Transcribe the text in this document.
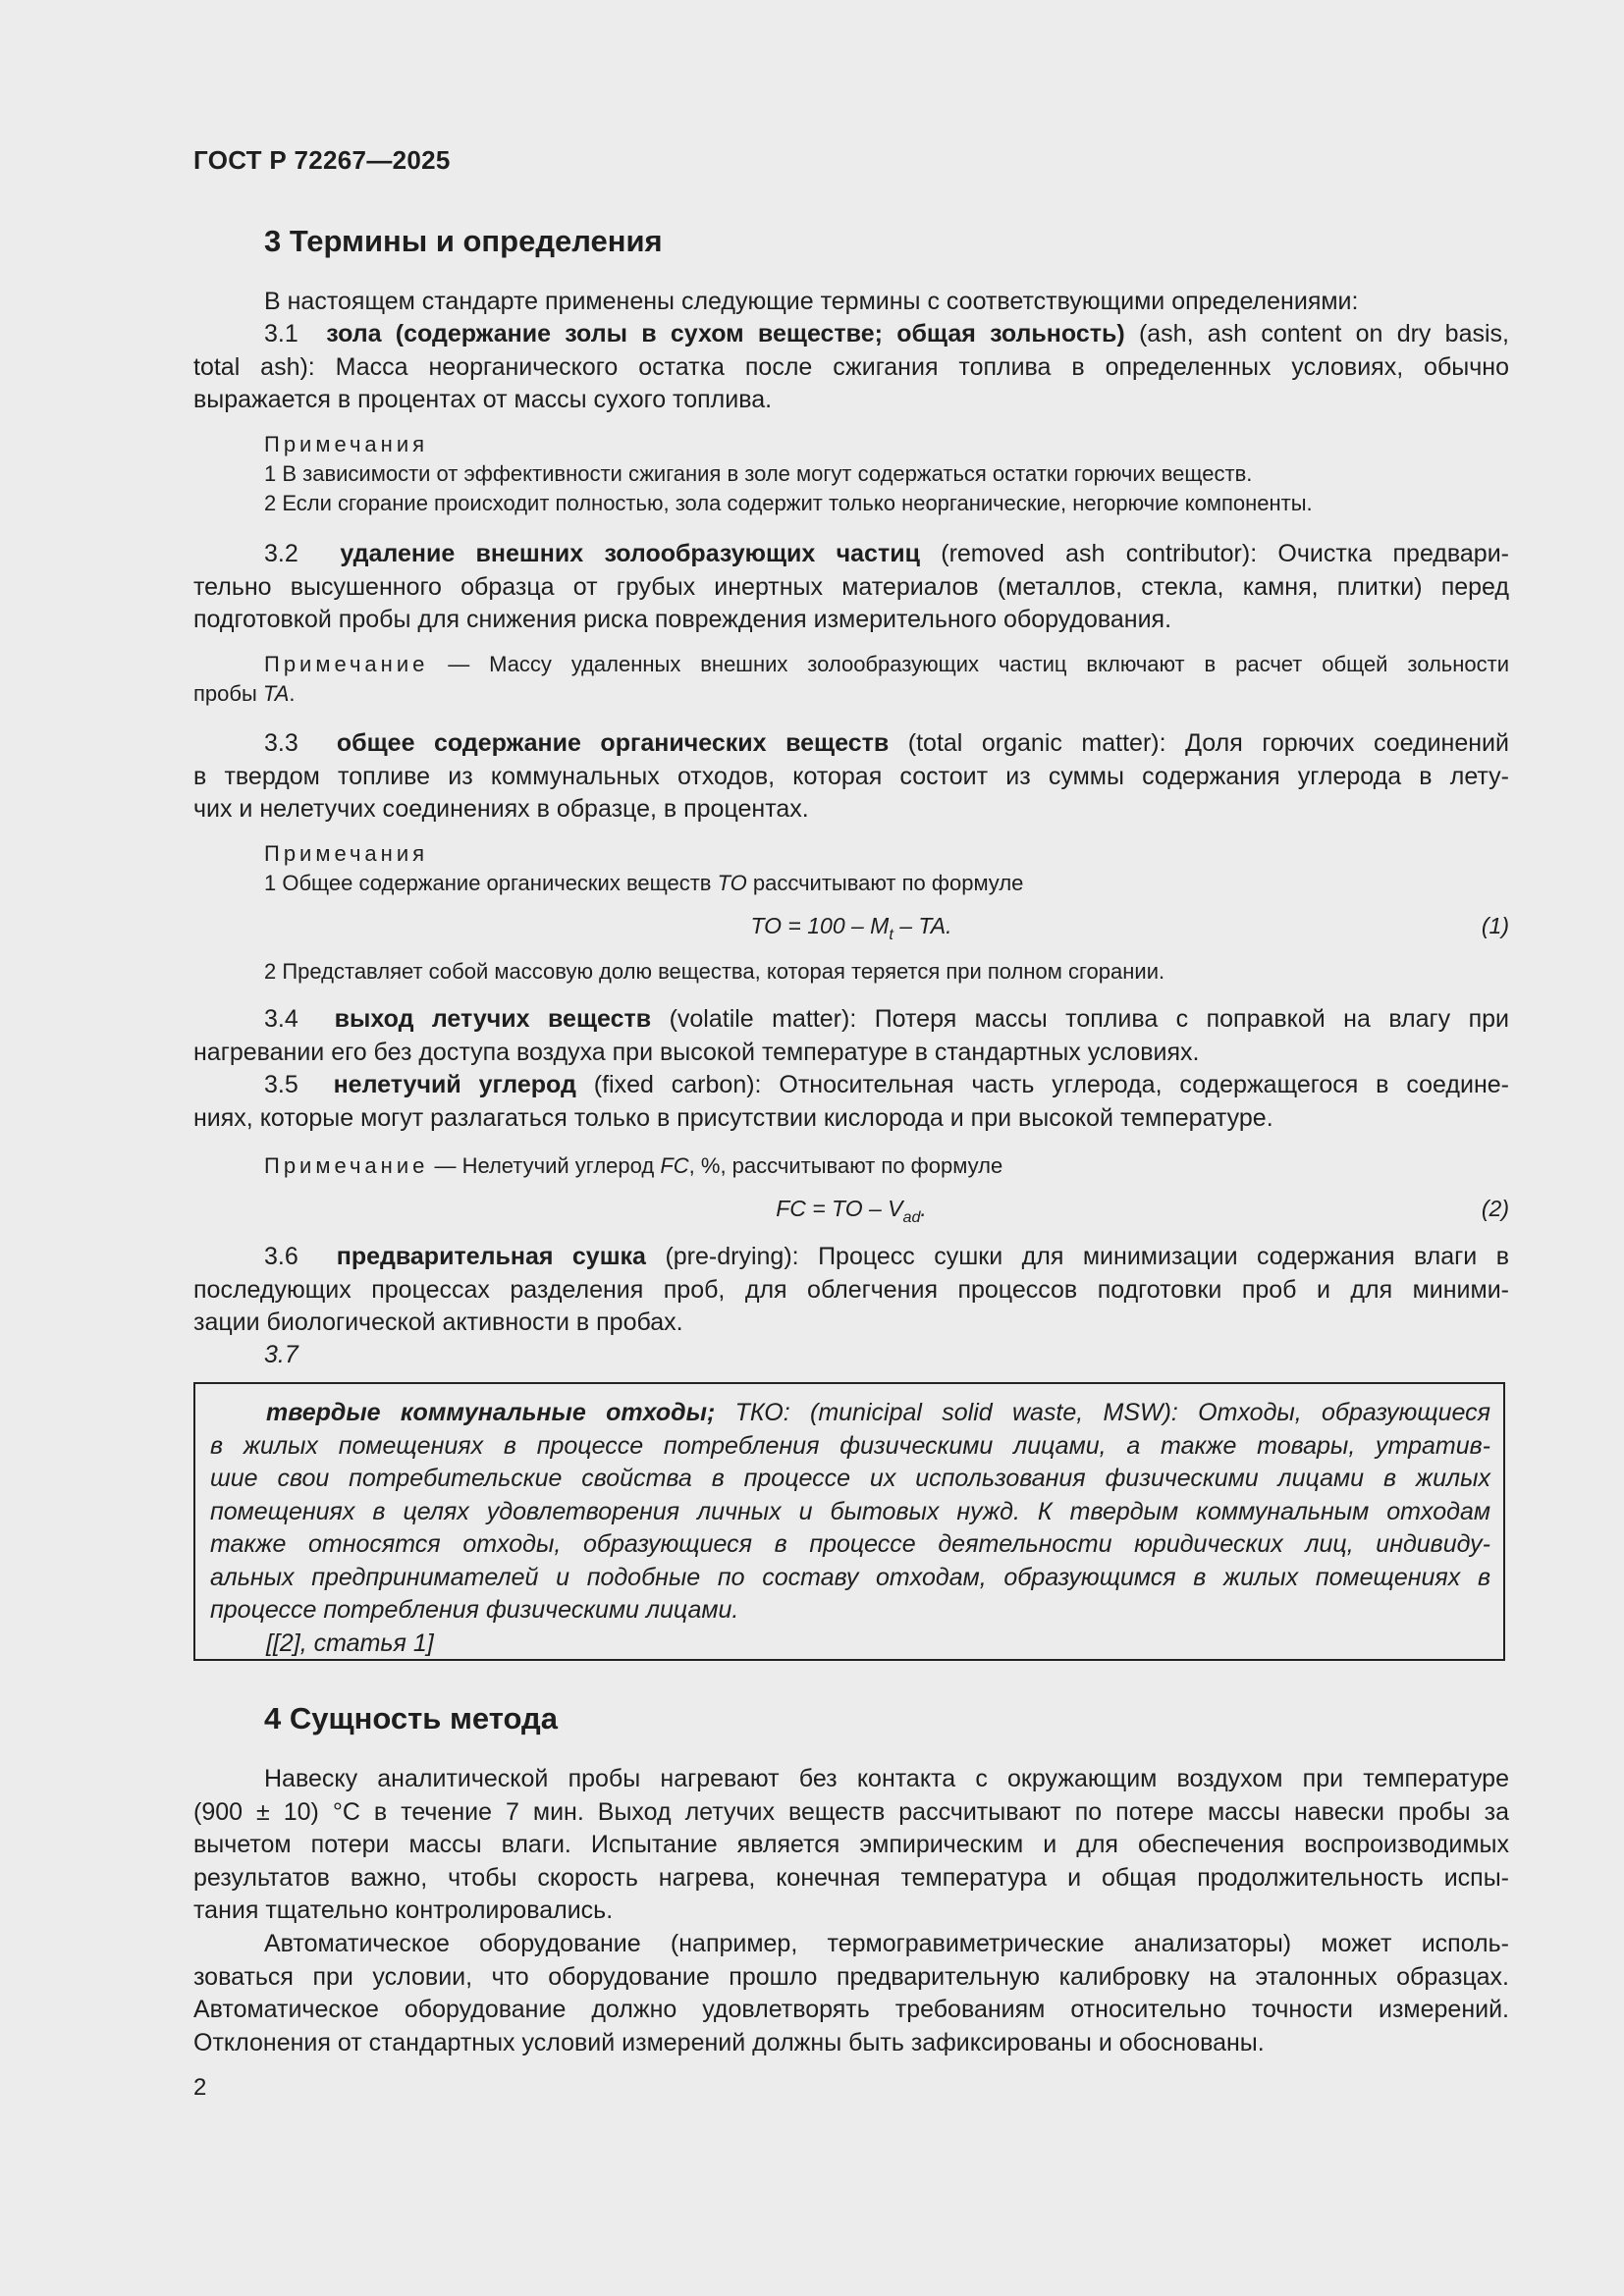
ГОСТ Р 72267—2025
3 Термины и определения
В настоящем стандарте применены следующие термины с соответствующими определениями:
3.1 зола (содержание золы в сухом веществе; общая зольность) (ash, ash content on dry basis,
total ash): Масса неорганического остатка после сжигания топлива в определенных условиях, обычно
выражается в процентах от массы сухого топлива.
Примечания
1 В зависимости от эффективности сжигания в золе могут содержаться остатки горючих веществ.
2 Если сгорание происходит полностью, зола содержит только неорганические, негорючие компоненты.
3.2 удаление внешних золообразующих частиц (removed ash contributor): Очистка предвари-
тельно высушенного образца от грубых инертных материалов (металлов, стекла, камня, плитки) перед
подготовкой пробы для снижения риска повреждения измерительного оборудования.
Примечание — Массу удаленных внешних золообразующих частиц включают в расчет общей зольности
пробы TA.
3.3 общее содержание органических веществ (total organic matter): Доля горючих соединений
в твердом топливе из коммунальных отходов, которая состоит из суммы содержания углерода в лету-
чих и нелетучих соединениях в образце, в процентах.
Примечания
1 Общее содержание органических веществ TO рассчитывают по формуле
TO = $100 - M_t$ – TA.	(1)
2 Представляет собой массовую долю вещества, которая теряется при полном сгорании.
3.4 выход летучих веществ (volatile matter): Потеря массы топлива с поправкой на влагу при
нагревании его без доступа воздуха при высокой температуре в стандартных условиях.
3.5 нелетучий углерод (fixed carbon): Относительная часть углерода, содержащегося в соедине-
ниях, которые могут разлагаться только в присутствии кислорода и при высокой температуре.
Примечание — Нелетучий углерод FC, %, рассчитывают по формуле
FC = TO – $V_{ad}$.	(2)
3.6 предварительная сушка (pre-drying): Процесс сушки для минимизации содержания влаги в
последующих процессах разделения проб, для облегчения процессов подготовки проб и для миними-
зации биологической активности в пробах.
3.7
4 Сущность метода
Навеску аналитической пробы нагревают без контакта с окружающим воздухом при температуре
(900 ± 10) °С в течение 7 мин. Выход летучих веществ рассчитывают по потере массы навески пробы за
вычетом потери массы влаги. Испытание является эмпирическим и для обеспечения воспроизводимых
результатов важно, чтобы скорость нагрева, конечная температура и общая продолжительность испы-
тания тщательно контролировались.
Автоматическое оборудование (например, термогравиметрические анализаторы) может исполь-
зоваться при условии, что оборудование прошло предварительную калибровку на эталонных образцах.
Автоматическое оборудование должно удовлетворять требованиям относительно точности измерений.
Отклонения от стандартных условий измерений должны быть зафиксированы и обоснованы.
твердые коммунальные отходы; ТКО: (municipal solid waste, MSW): Отходы, образующиеся
в жилых помещениях в процессе потребления физическими лицами, а также товары, утратив-
шие свои потребительские свойства в процессе их использования физическими лицами в жилых
помещениях в целях удовлетворения личных и бытовых нужд. К твердым коммунальным отходам
также относятся отходы, образующиеся в процессе деятельности юридических лиц, индивиду-
альных предпринимателей и подобные по составу отходам, образующимся в жилых помещениях в
процессе потребления физическими лицами.
[[2], статья 1]
2
